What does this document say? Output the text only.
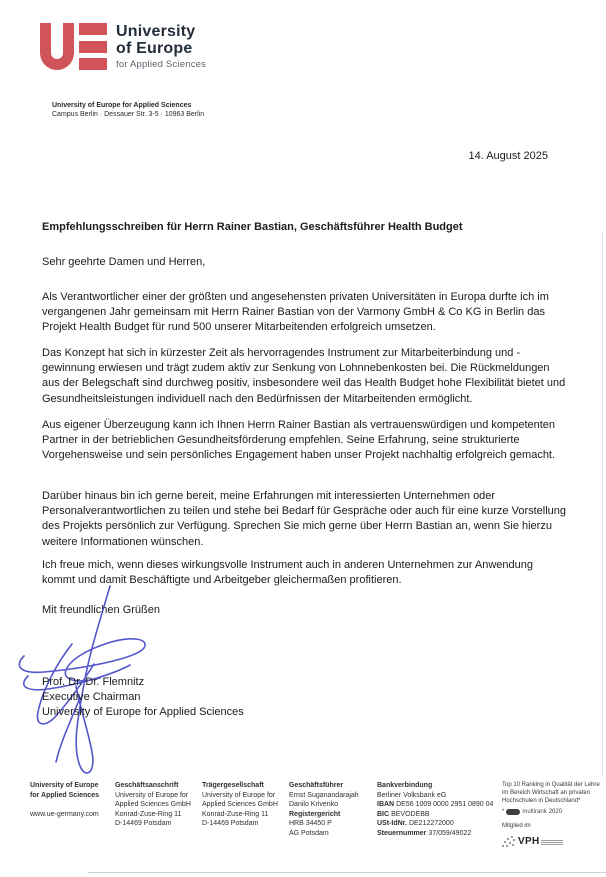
University
of Europe
for Applied Sciences
University of Europe for Applied Sciences
Campus Berlin · Dessauer Str. 3-5 · 10963 Berlin
14. August 2025
Empfehlungsschreiben für Herrn Rainer Bastian, Geschäftsführer Health Budget
Sehr geehrte Damen und Herren,
Als Verantwortlicher einer der größten und angesehensten privaten Universitäten in Europa durfte ich im vergangenen Jahr gemeinsam mit Herrn Rainer Bastian von der Varmony GmbH & Co KG in Berlin das Projekt Health Budget für rund 500 unserer Mitarbeitenden erfolgreich umsetzen.
Das Konzept hat sich in kürzester Zeit als hervorragendes Instrument zur Mitarbeiterbindung und -gewinnung erwiesen und trägt zudem aktiv zur Senkung von Lohnnebenkosten bei. Die Rückmeldungen aus der Belegschaft sind durchweg positiv, insbesondere weil das Health Budget hohe Flexibilität bietet und Gesundheitsleistungen individuell nach den Bedürfnissen der Mitarbeitenden ermöglicht.
Aus eigener Überzeugung kann ich Ihnen Herrn Rainer Bastian als vertrauenswürdigen und kompetenten Partner in der betrieblichen Gesundheitsförderung empfehlen. Seine Erfahrung, seine strukturierte Vorgehensweise und sein persönliches Engagement haben unser Projekt nachhaltig erfolgreich gemacht.
Darüber hinaus bin ich gerne bereit, meine Erfahrungen mit interessierten Unternehmen oder Personalverantwortlichen zu teilen und stehe bei Bedarf für Gespräche oder auch für eine kurze Vorstellung des Projekts persönlich zur Verfügung. Sprechen Sie mich gerne über Herrn Bastian an, wenn Sie hierzu weitere Informationen wünschen.
Ich freue mich, wenn dieses wirkungsvolle Instrument auch in anderen Unternehmen zur Anwendung kommt und damit Beschäftigte und Arbeitgeber gleichermaßen profitieren.
Mit freundlichen Grüßen
Prof. Dr. Dr. Flemnitz
Executive Chairman
University of Europe for Applied Sciences
University of Europe
for Applied Sciences
www.ue-germany.com
Geschäftsanschrift
University of Europe for
Applied Sciences GmbH
Konrad-Zuse-Ring 11
D-14469 Potsdam
Trägergesellschaft
University of Europe for
Applied Sciences GmbH
Konrad-Zuse-Ring 11
D-14469 Potsdam
Geschäftsführer
Ernst Suganandarajah
Danilo Krivenko
Registergericht
HRB 34450 P
AG Potsdam
Bankverbindung
Berliner Volksbank eG
IBAN DE56 1009 0000 2951 0890 04
BIC BEVODEBB
USt-IdNr. DE212272000
Steuernummer 37/059/49022
Top 10 Ranking in Qualität der Lehre
im Bereich Wirtschaft an privaten
Hochschulen in Deutschland*
*	multirank 2020
Mitglied im
VPH
